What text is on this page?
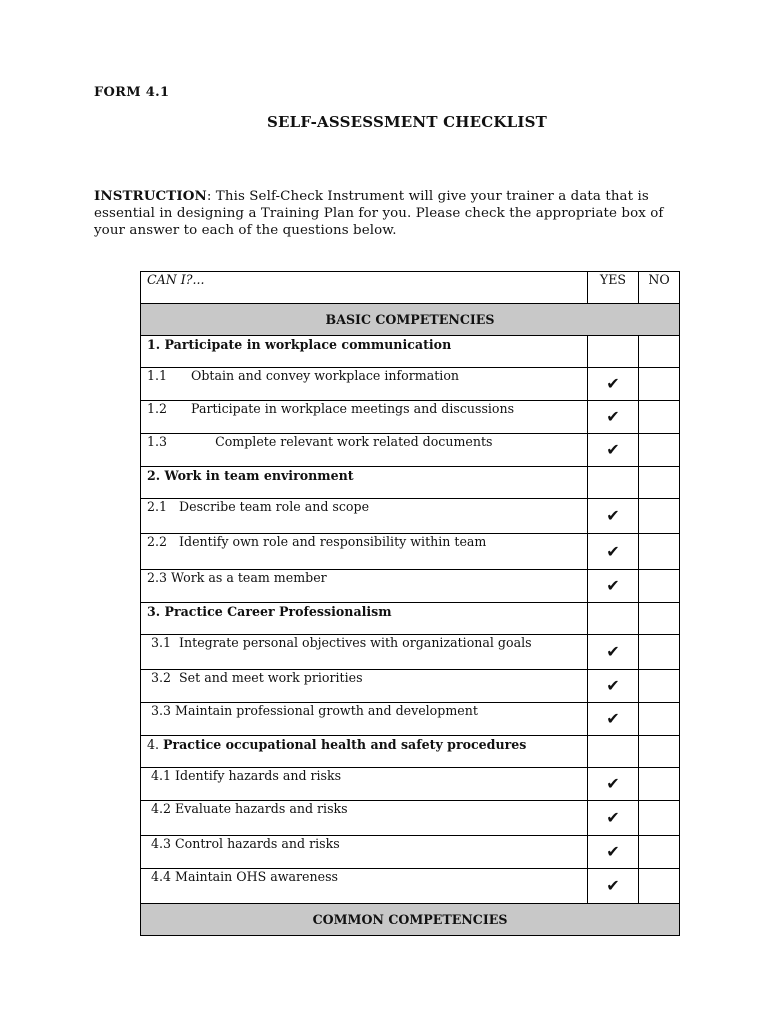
FORM 4.1
SELF-ASSESSMENT CHECKLIST

INSTRUCTION: This Self-Check Instrument will give your trainer a data that is essential in designing a Training Plan for you. Please check the appropriate box of your answer to each of the questions below.

CAN I?...	YES	NO
BASIC COMPETENCIES		

1. Participate in workplace communication		

1.1      Obtain and convey workplace information	✔	

1.2      Participate in workplace meetings and discussions	✔	

1.3            Complete relevant work related documents	✔	

2. Work in team environment		

2.1   Describe team role and scope	✔	

2.2   Identify own role and responsibility within team	✔	

2.3 Work as a team member	✔	

3. Practice Career Professionalism		

3.1  Integrate personal objectives with organizational goals	✔	

3.2  Set and meet work priorities	✔	

3.3 Maintain professional growth and development	✔	

4. Practice occupational health and safety procedures		

4.1 Identify hazards and risks	✔	

4.2 Evaluate hazards and risks	✔	

4.3 Control hazards and risks	✔	

4.4 Maintain OHS awareness	✔	
COMMON COMPETENCIES		
